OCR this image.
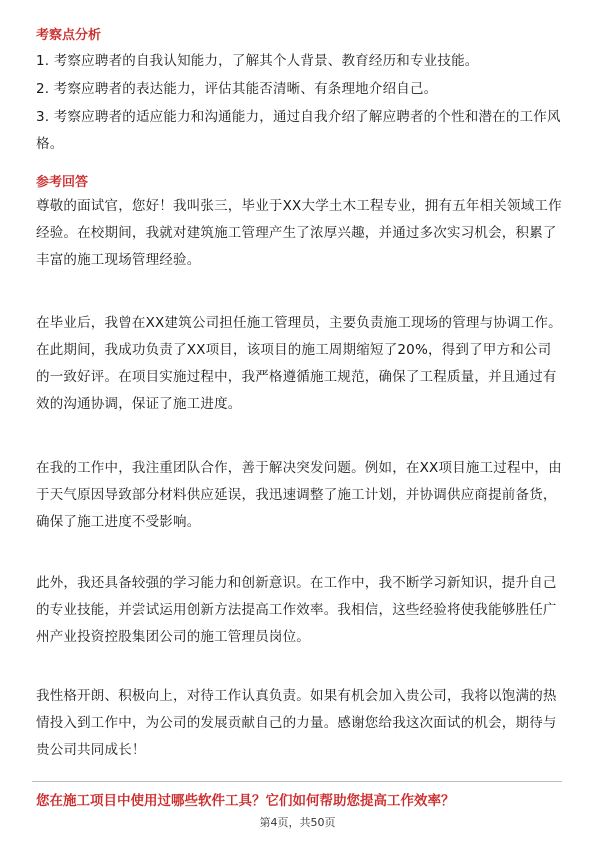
考察点分析

1. 考察应聘者的自我认知能力，了解其个人背景、教育经历和专业技能。

2. 考察应聘者的表达能力，评估其能否清晰、有条理地介绍自己。

3. 考察应聘者的适应能力和沟通能力，通过自我介绍了解应聘者的个性和潜在的工作风格。

参考回答

尊敬的面试官，您好！我叫张三，毕业于XX大学土木工程专业，拥有五年相关领域工作经验。在校期间，我就对建筑施工管理产生了浓厚兴趣，并通过多次实习机会，积累了丰富的施工现场管理经验。

在毕业后，我曾在XX建筑公司担任施工管理员，主要负责施工现场的管理与协调工作。在此期间，我成功负责了XX项目，该项目的施工周期缩短了20%，得到了甲方和公司的一致好评。在项目实施过程中，我严格遵循施工规范，确保了工程质量，并且通过有效的沟通协调，保证了施工进度。

在我的工作中，我注重团队合作，善于解决突发问题。例如，在XX项目施工过程中，由于天气原因导致部分材料供应延误，我迅速调整了施工计划，并协调供应商提前备货，确保了施工进度不受影响。

此外，我还具备较强的学习能力和创新意识。在工作中，我不断学习新知识，提升自己的专业技能，并尝试运用创新方法提高工作效率。我相信，这些经验将使我能够胜任广州产业投资控股集团公司的施工管理员岗位。

我性格开朗、积极向上，对待工作认真负责。如果有机会加入贵公司，我将以饱满的热情投入到工作中，为公司的发展贡献自己的力量。感谢您给我这次面试的机会，期待与贵公司共同成长！

您在施工项目中使用过哪些软件工具？它们如何帮助您提高工作效率？

第4页，共50页
